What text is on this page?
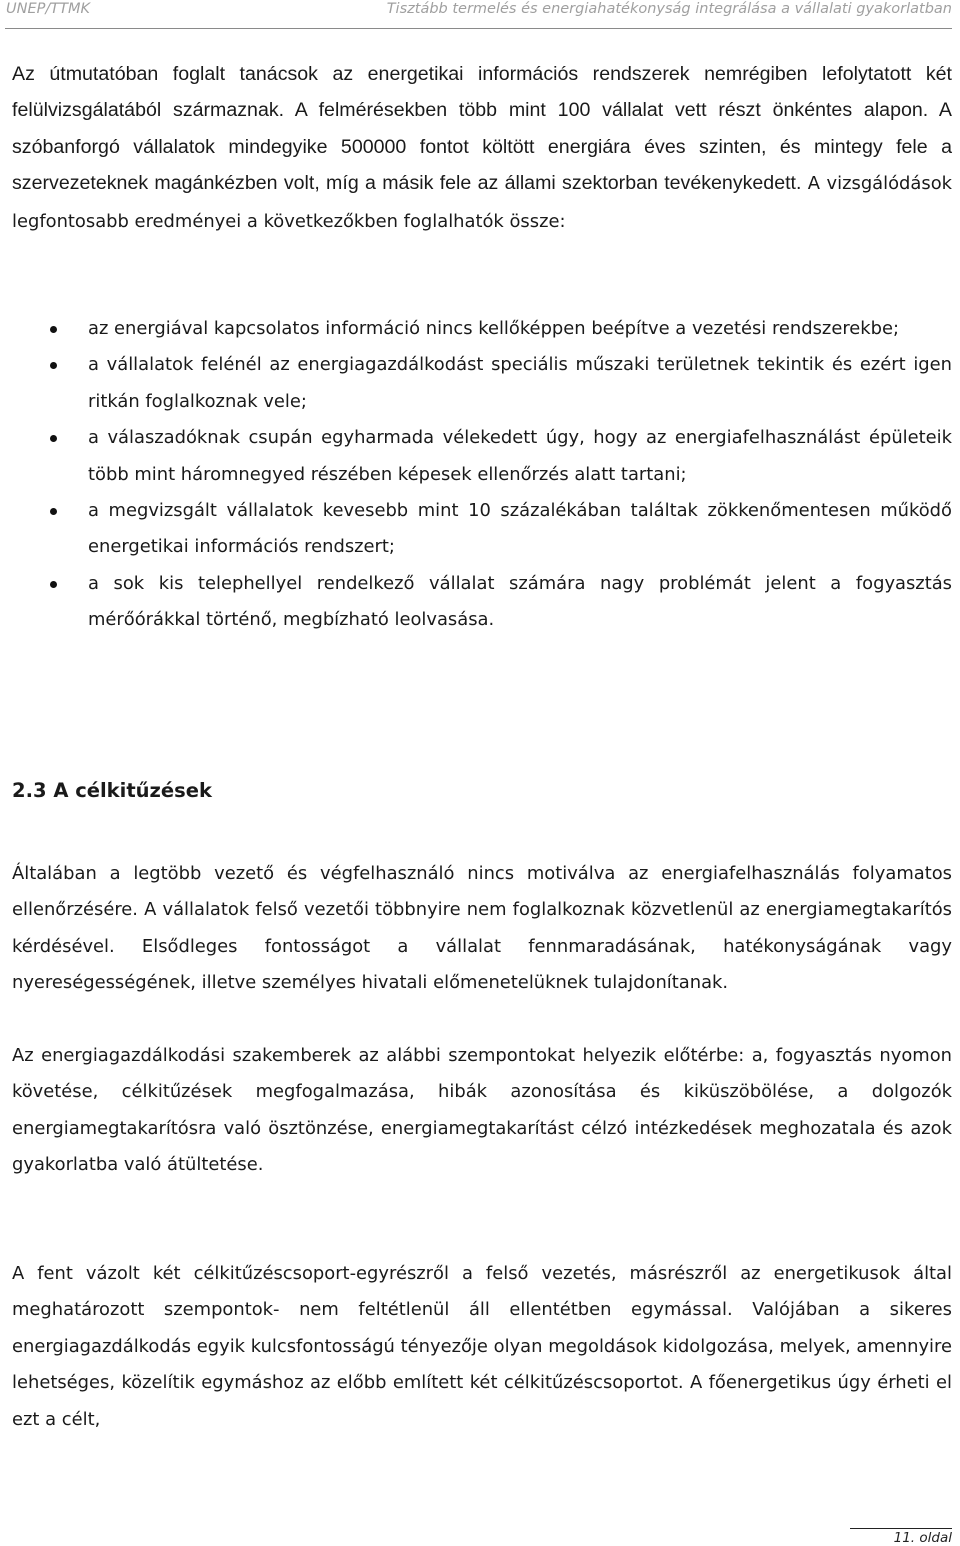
UNEP/TTMK	Tisztább termelés és energiahatékonyság integrálása a vállalati gyakorlatban

Az útmutatóban foglalt tanácsok az energetikai információs rendszerek nemrégiben lefolytatott két felülvizsgálatából származnak. A felmérésekben több mint 100 vállalat vett részt önkéntes alapon. A szóbanforgó vállalatok mindegyike 500000 fontot költött energiára éves szinten, és mintegy fele a szervezeteknek magánkézben volt, míg a másik fele az állami szektorban tevékenykedett. A vizsgálódások legfontosabb eredményei a következőkben foglalhatók össze:

az energiával kapcsolatos információ nincs kellőképpen beépítve a vezetési rendszerekbe;
a vállalatok felénél az energiagazdálkodást speciális műszaki területnek tekintik és ezért igen ritkán foglalkoznak vele;
a válaszadóknak csupán egyharmada vélekedett úgy, hogy az energiafelhasználást épületeik több mint háromnegyed részében képesek ellenőrzés alatt tartani;
a megvizsgált vállalatok kevesebb mint 10 százalékában találtak zökkenőmentesen működő energetikai információs rendszert;
a sok kis telephellyel rendelkező vállalat számára nagy problémát jelent a fogyasztás mérőórákkal történő, megbízható leolvasása.
2.3 A célkitűzések

Általában a legtöbb vezető és végfelhasználó nincs motiválva az energiafelhasználás folyamatos ellenőrzésére. A vállalatok felső vezetői többnyire nem foglalkoznak közvetlenül az energiamegtakarítós kérdésével. Elsődleges fontosságot a vállalat fennmaradásának, hatékonyságának vagy nyereségességének, illetve személyes hivatali előmenetelüknek tulajdonítanak.

Az energiagazdálkodási szakemberek az alábbi szempontokat helyezik előtérbe: a, fogyasztás nyomon követése, célkitűzések megfogalmazása, hibák azonosítása és kiküszöbölése, a dolgozók energiamegtakarítósra való ösztönzése, energiamegtakarítást célzó intézkedések meghozatala és azok gyakorlatba való átültetése.

A fent vázolt két célkitűzéscsoport-egyrészről a felső vezetés, másrészről az energetikusok által meghatározott szempontok- nem feltétlenül áll ellentétben egymással. Valójában a sikeres energiagazdálkodás egyik kulcsfontosságú tényezője olyan megoldások kidolgozása, melyek, amennyire lehetséges, közelítik egymáshoz az előbb említett két célkitűzéscsoportot. A főenergetikus úgy érheti el ezt a célt,

11. oldal
